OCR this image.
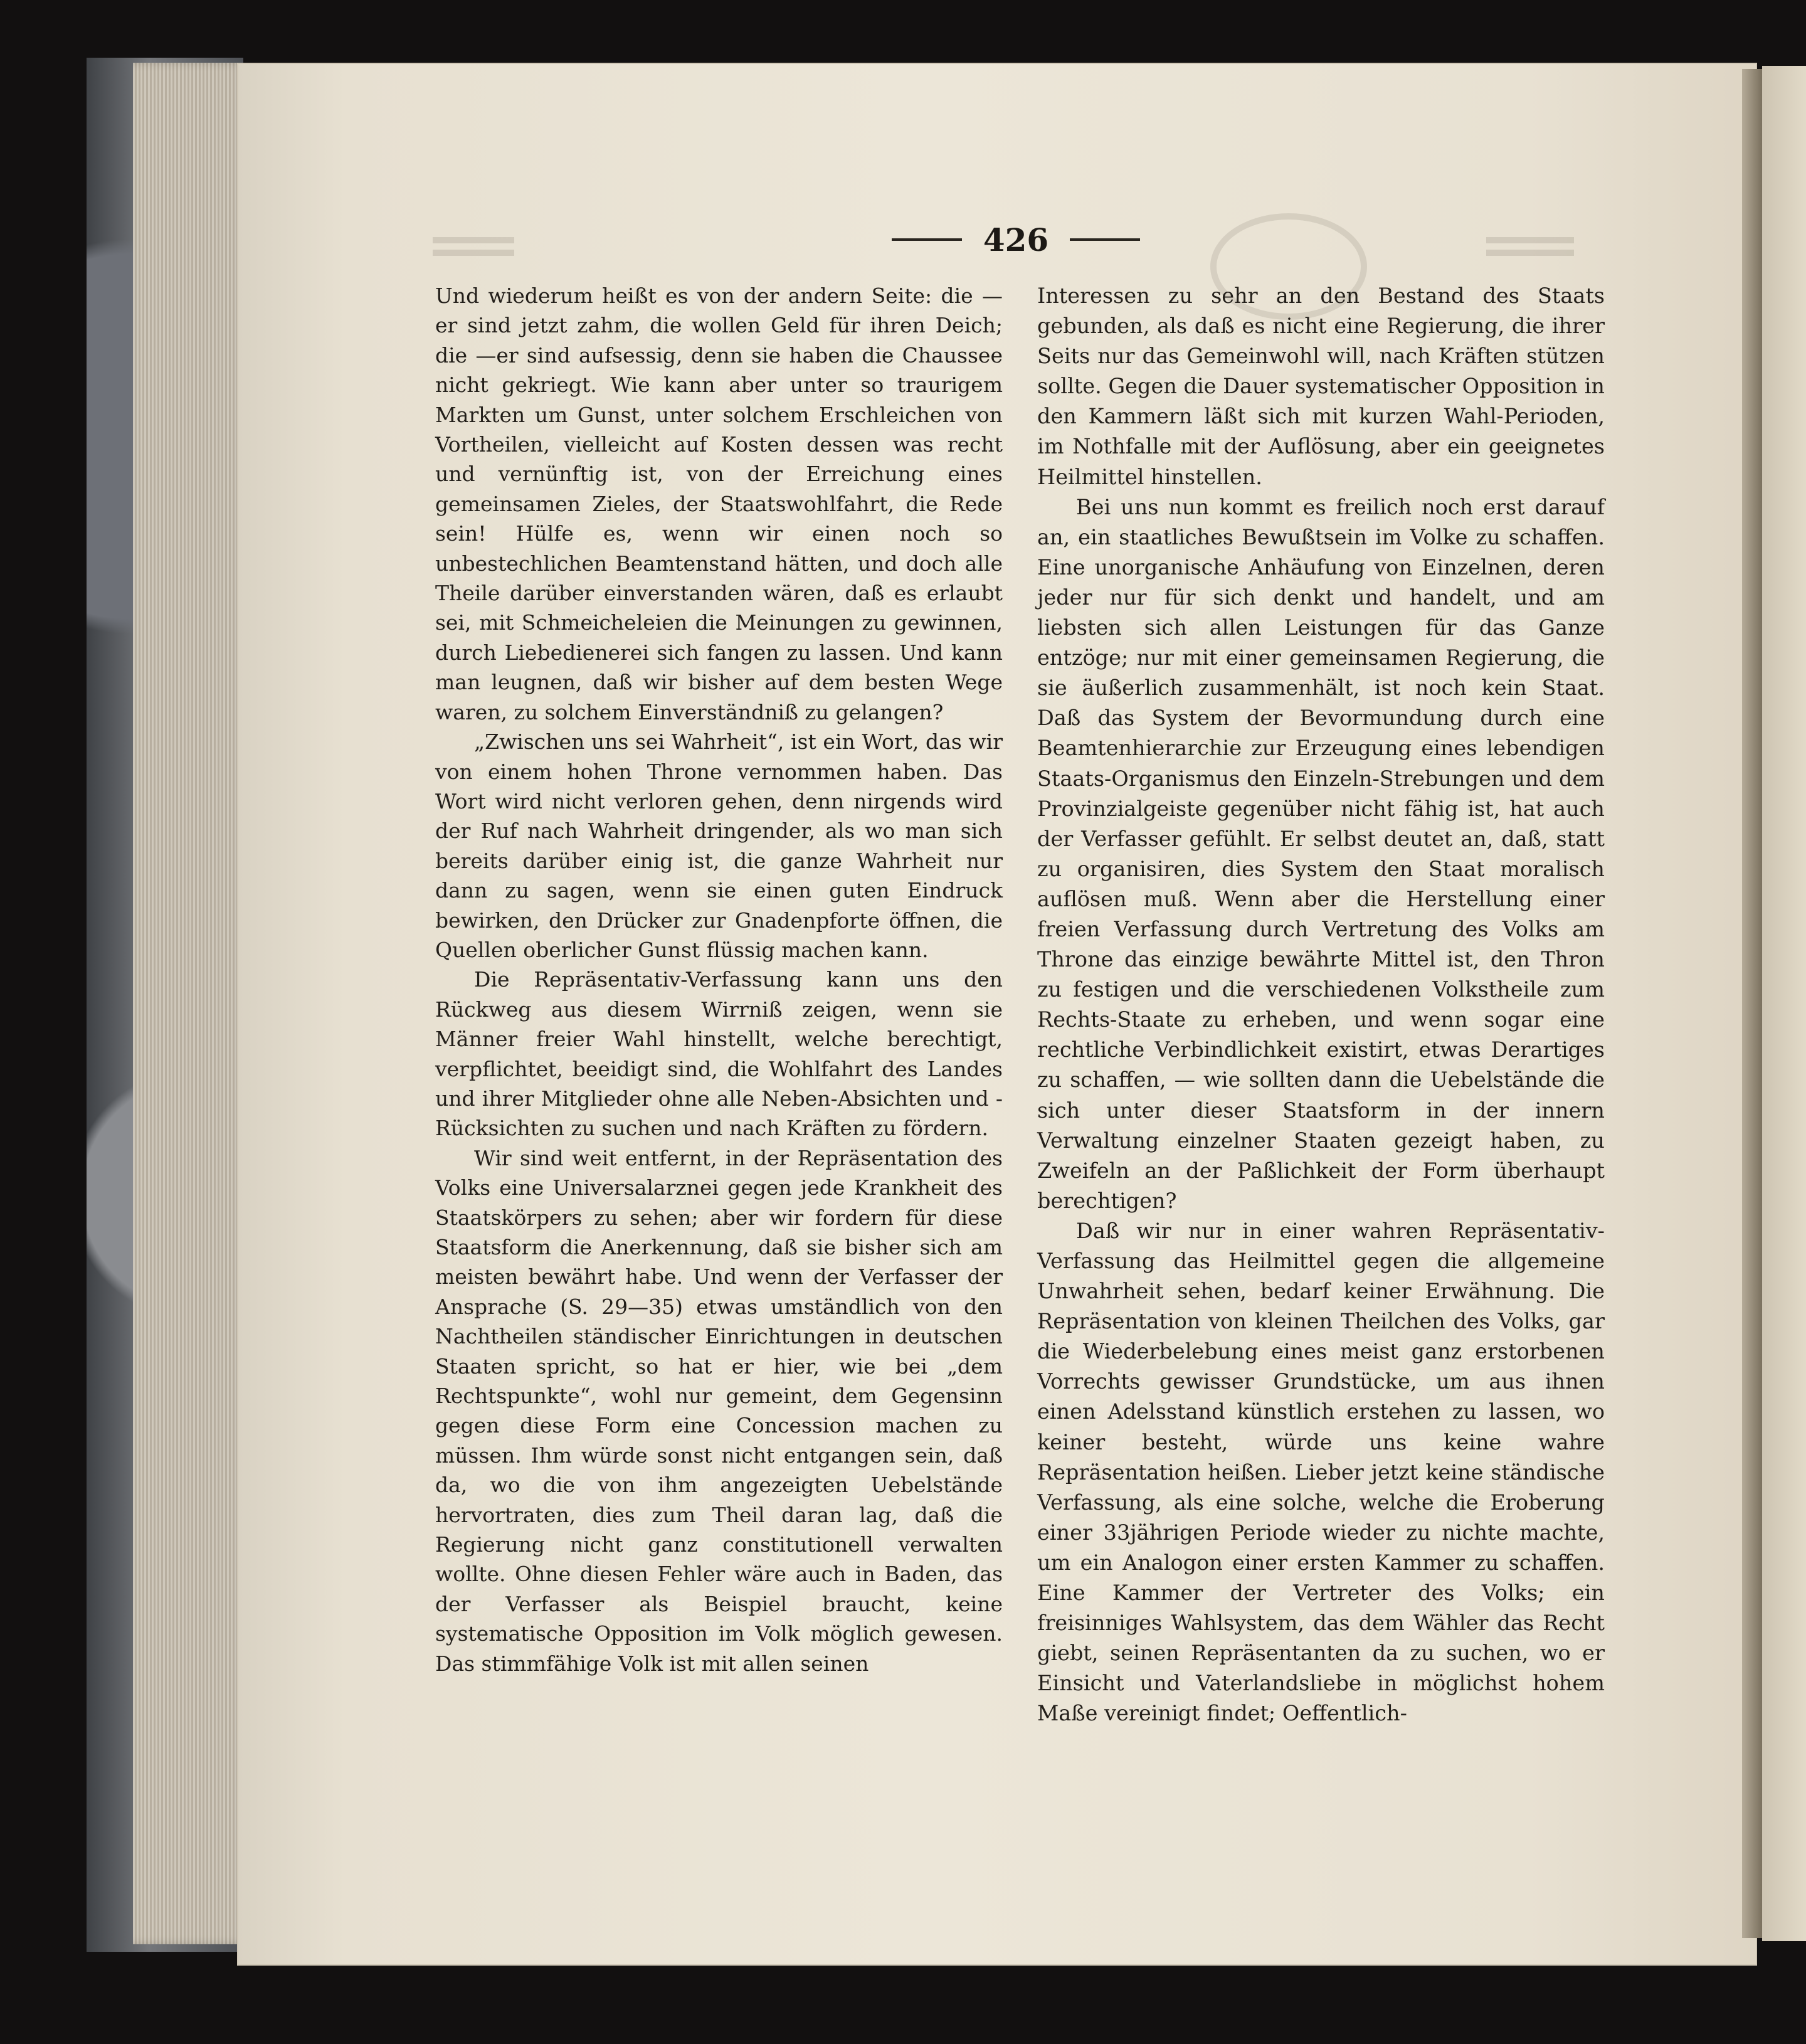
426

Und wiederum heißt es von der andern Seite: die —er sind jetzt zahm, die wollen Geld für ihren Deich; die —er sind aufsessig, denn sie haben die Chaussee nicht gekriegt. Wie kann aber unter so traurigem Markten um Gunst, unter solchem Erschleichen von Vortheilen, vielleicht auf Kosten dessen was recht und vernünftig ist, von der Erreichung eines gemeinsamen Zieles, der Staatswohlfahrt, die Rede sein! Hülfe es, wenn wir einen noch so unbestechlichen Beamtenstand hätten, und doch alle Theile darüber einverstanden wären, daß es erlaubt sei, mit Schmeicheleien die Meinungen zu gewinnen, durch Liebedienerei sich fangen zu lassen. Und kann man leugnen, daß wir bisher auf dem besten Wege waren, zu solchem Einverständniß zu gelangen?

„Zwischen uns sei Wahrheit“, ist ein Wort, das wir von einem hohen Throne vernommen haben. Das Wort wird nicht verloren gehen, denn nirgends wird der Ruf nach Wahrheit dringender, als wo man sich bereits darüber einig ist, die ganze Wahrheit nur dann zu sagen, wenn sie einen guten Eindruck bewirken, den Drücker zur Gnadenpforte öffnen, die Quellen oberlicher Gunst flüssig machen kann.

Die Repräsentativ-Verfassung kann uns den Rückweg aus diesem Wirrniß zeigen, wenn sie Männer freier Wahl hinstellt, welche berechtigt, verpflichtet, beeidigt sind, die Wohlfahrt des Landes und ihrer Mitglieder ohne alle Neben-Absichten und -Rücksichten zu suchen und nach Kräften zu fördern.

Wir sind weit entfernt, in der Repräsentation des Volks eine Universalarznei gegen jede Krankheit des Staatskörpers zu sehen; aber wir fordern für diese Staatsform die Anerkennung, daß sie bisher sich am meisten bewährt habe. Und wenn der Verfasser der Ansprache (S. 29—35) etwas umständlich von den Nachtheilen ständischer Einrichtungen in deutschen Staaten spricht, so hat er hier, wie bei „dem Rechtspunkte“, wohl nur gemeint, dem Gegensinn gegen diese Form eine Concession machen zu müssen. Ihm würde sonst nicht entgangen sein, daß da, wo die von ihm angezeigten Uebelstände hervortraten, dies zum Theil daran lag, daß die Regierung nicht ganz constitutionell verwalten wollte. Ohne diesen Fehler wäre auch in Baden, das der Verfasser als Beispiel braucht, keine systematische Opposition im Volk möglich gewesen. Das stimmfähige Volk ist mit allen seinen

Interessen zu sehr an den Bestand des Staats gebunden, als daß es nicht eine Regierung, die ihrer Seits nur das Gemeinwohl will, nach Kräften stützen sollte. Gegen die Dauer systematischer Opposition in den Kammern läßt sich mit kurzen Wahl-Perioden, im Nothfalle mit der Auflösung, aber ein geeignetes Heilmittel hinstellen.

Bei uns nun kommt es freilich noch erst darauf an, ein staatliches Bewußtsein im Volke zu schaffen. Eine unorganische Anhäufung von Einzelnen, deren jeder nur für sich denkt und handelt, und am liebsten sich allen Leistungen für das Ganze entzöge; nur mit einer gemeinsamen Regierung, die sie äußerlich zusammenhält, ist noch kein Staat. Daß das System der Bevormundung durch eine Beamtenhierarchie zur Erzeugung eines lebendigen Staats-Organismus den Einzeln-Strebungen und dem Provinzialgeiste gegenüber nicht fähig ist, hat auch der Verfasser gefühlt. Er selbst deutet an, daß, statt zu organisiren, dies System den Staat moralisch auflösen muß. Wenn aber die Herstellung einer freien Verfassung durch Vertretung des Volks am Throne das einzige bewährte Mittel ist, den Thron zu festigen und die verschiedenen Volkstheile zum Rechts-Staate zu erheben, und wenn sogar eine rechtliche Verbindlichkeit existirt, etwas Derartiges zu schaffen, — wie sollten dann die Uebelstände die sich unter dieser Staatsform in der innern Verwaltung einzelner Staaten gezeigt haben, zu Zweifeln an der Paßlichkeit der Form überhaupt berechtigen?

Daß wir nur in einer wahren Repräsentativ-Verfassung das Heilmittel gegen die allgemeine Unwahrheit sehen, bedarf keiner Erwähnung. Die Repräsentation von kleinen Theilchen des Volks, gar die Wiederbelebung eines meist ganz erstorbenen Vorrechts gewisser Grundstücke, um aus ihnen einen Adelsstand künstlich erstehen zu lassen, wo keiner besteht, würde uns keine wahre Repräsentation heißen. Lieber jetzt keine ständische Verfassung, als eine solche, welche die Eroberung einer 33jährigen Periode wieder zu nichte machte, um ein Analogon einer ersten Kammer zu schaffen. Eine Kammer der Vertreter des Volks; ein freisinniges Wahlsystem, das dem Wähler das Recht giebt, seinen Repräsentanten da zu suchen, wo er Einsicht und Vaterlandsliebe in möglichst hohem Maße vereinigt findet; Oeffentlich-
